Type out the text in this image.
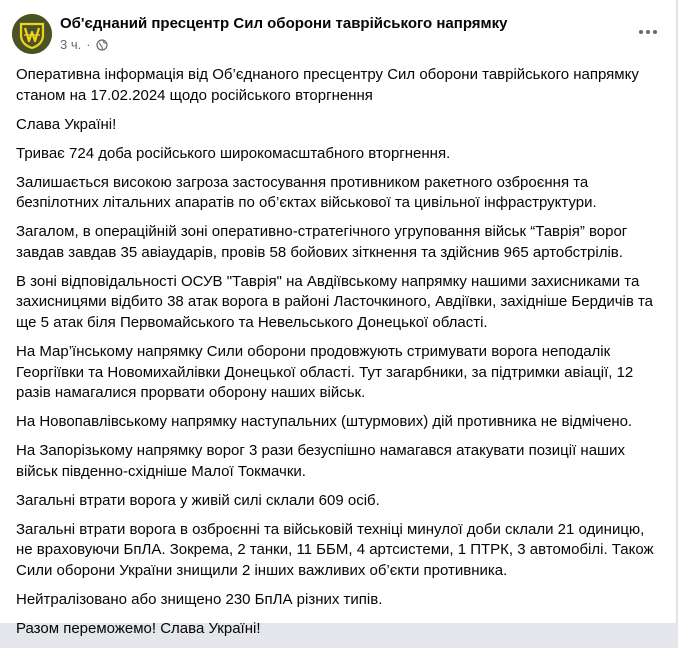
Об'єднаний пресцентр Сил оборони таврійського напрямку
3 ч. ·

Оперативна інформація від Об’єднаного пресцентру Сил оборони таврійського напрямку станом на 17.02.2024 щодо російського вторгнення

Слава Україні!

Триває 724 доба російського широкомасштабного вторгнення.

Залишається високою загроза застосування противником ракетного озброєння та безпілотних літальних апаратів по об’єктах військової та цивільної інфраструктури.

Загалом, в операційній зоні оперативно-стратегічного угруповання військ “Таврія” ворог завдав завдав 35 авіаударів, провів 58 бойових зіткнення та здійснив 965 артобстрілів.

В зоні відповідальності ОСУВ "Таврія" на Авдіївському напрямку нашими захисниками та захисницями відбито 38 атак ворога в районі Ласточкиного, Авдіївки, західніше Бердичів та ще 5 атак біля Первомайського та Невельського Донецької області.

На Мар’їнському напрямку Сили оборони продовжують стримувати ворога неподалік Георгіївки та Новомихайлівки Донецької області. Тут загарбники, за підтримки авіації, 12 разів намагалися прорвати оборону наших військ.

На Новопавлівському напрямку наступальних (штурмових) дій противника не відмічено.

На Запорізькому напрямку ворог 3 рази безуспішно намагався атакувати позиції наших військ південно-східніше Малої Токмачки.

Загальні втрати ворога у живій силі склали 609 осіб.

Загальні втрати ворога в озброєнні та військовій техніці минулої доби склали 21 одиницю, не враховуючи БпЛА. Зокрема, 2 танки, 11 ББМ, 4 артсистеми, 1 ПТРК, 3 автомобілі. Також Сили оборони України знищили 2 інших важливих об’єкти противника.

Нейтралізовано або знищено 230 БпЛА різних типів.

Разом переможемо! Слава Україні!
